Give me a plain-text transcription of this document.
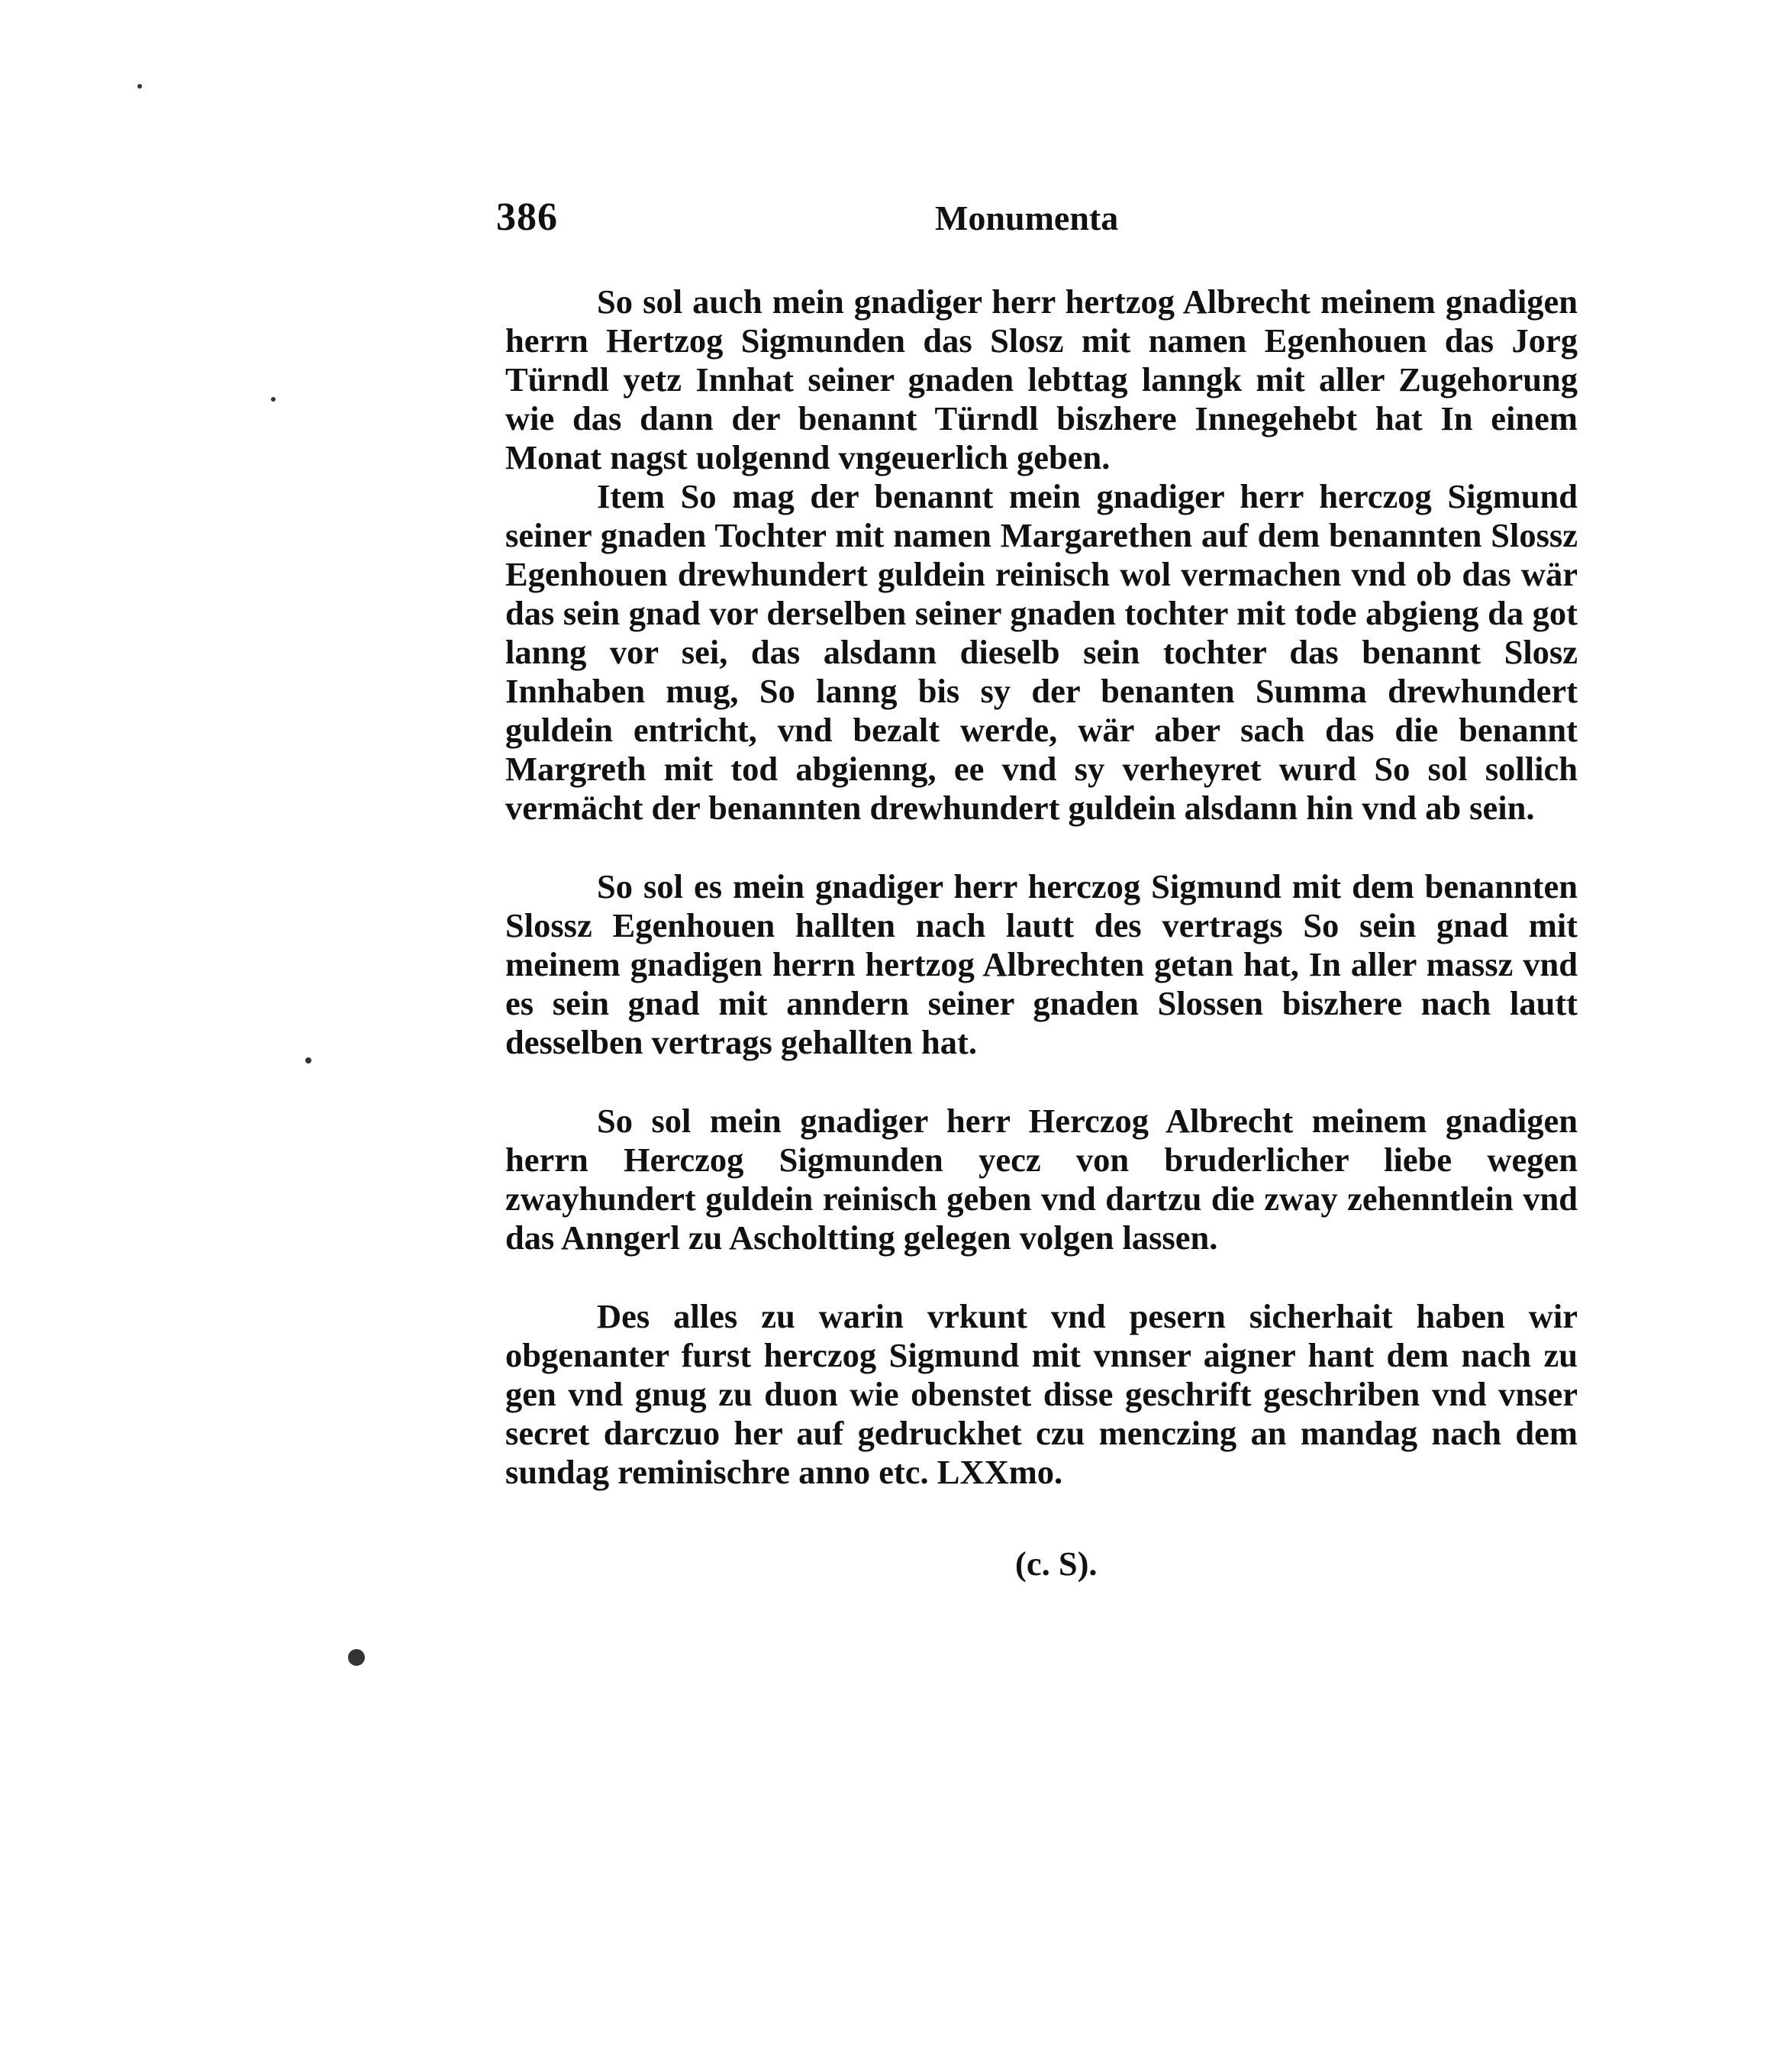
386	Monumenta

So sol auch mein gnadiger herr hertzog Albrecht meinem gnadigen herrn Hertzog Sigmunden das Slosz mit namen Egenhouen das Jorg Türndl yetz Innhat seiner gnaden lebttag lanngk mit aller Zugehorung wie das dann der benannt Türndl biszhere Innegehebt hat In einem Monat nagst uolgennd vngeuerlich geben.

Item So mag der benannt mein gnadiger herr herczog Sigmund seiner gnaden Tochter mit namen Margarethen auf dem benannten Slossz Egenhouen drewhundert guldein reinisch wol vermachen vnd ob das wär das sein gnad vor derselben seiner gnaden tochter mit tode abgieng da got lanng vor sei, das alsdann dieselb sein tochter das benannt Slosz Innhaben mug, So lanng bis sy der benanten Summa drewhundert guldein entricht, vnd bezalt werde, wär aber sach das die benannt Margreth mit tod abgienng, ee vnd sy verheyret wurd So sol sollich vermächt der benannten drewhundert guldein alsdann hin vnd ab sein.

So sol es mein gnadiger herr herczog Sigmund mit dem benannten Slossz Egenhouen hallten nach lautt des vertrags So sein gnad mit meinem gnadigen herrn hertzog Albrechten getan hat, In aller massz vnd es sein gnad mit anndern seiner gnaden Slossen biszhere nach lautt desselben vertrags gehallten hat.

So sol mein gnadiger herr Herczog Albrecht meinem gnadigen herrn Herczog Sigmunden yecz von bruderlicher liebe wegen zwayhundert guldein reinisch geben vnd dartzu die zway zehenntlein vnd das Anngerl zu Ascholtting gelegen volgen lassen.

Des alles zu warin vrkunt vnd pesern sicherhait haben wir obgenanter furst herczog Sigmund mit vnnser aigner hant dem nach zu gen vnd gnug zu duon wie obenstet disse geschrift geschriben vnd vnser secret darczuo her auf gedruckhet czu menczing an mandag nach dem sundag reminischre anno etc. LXXmo.

(c. S).
